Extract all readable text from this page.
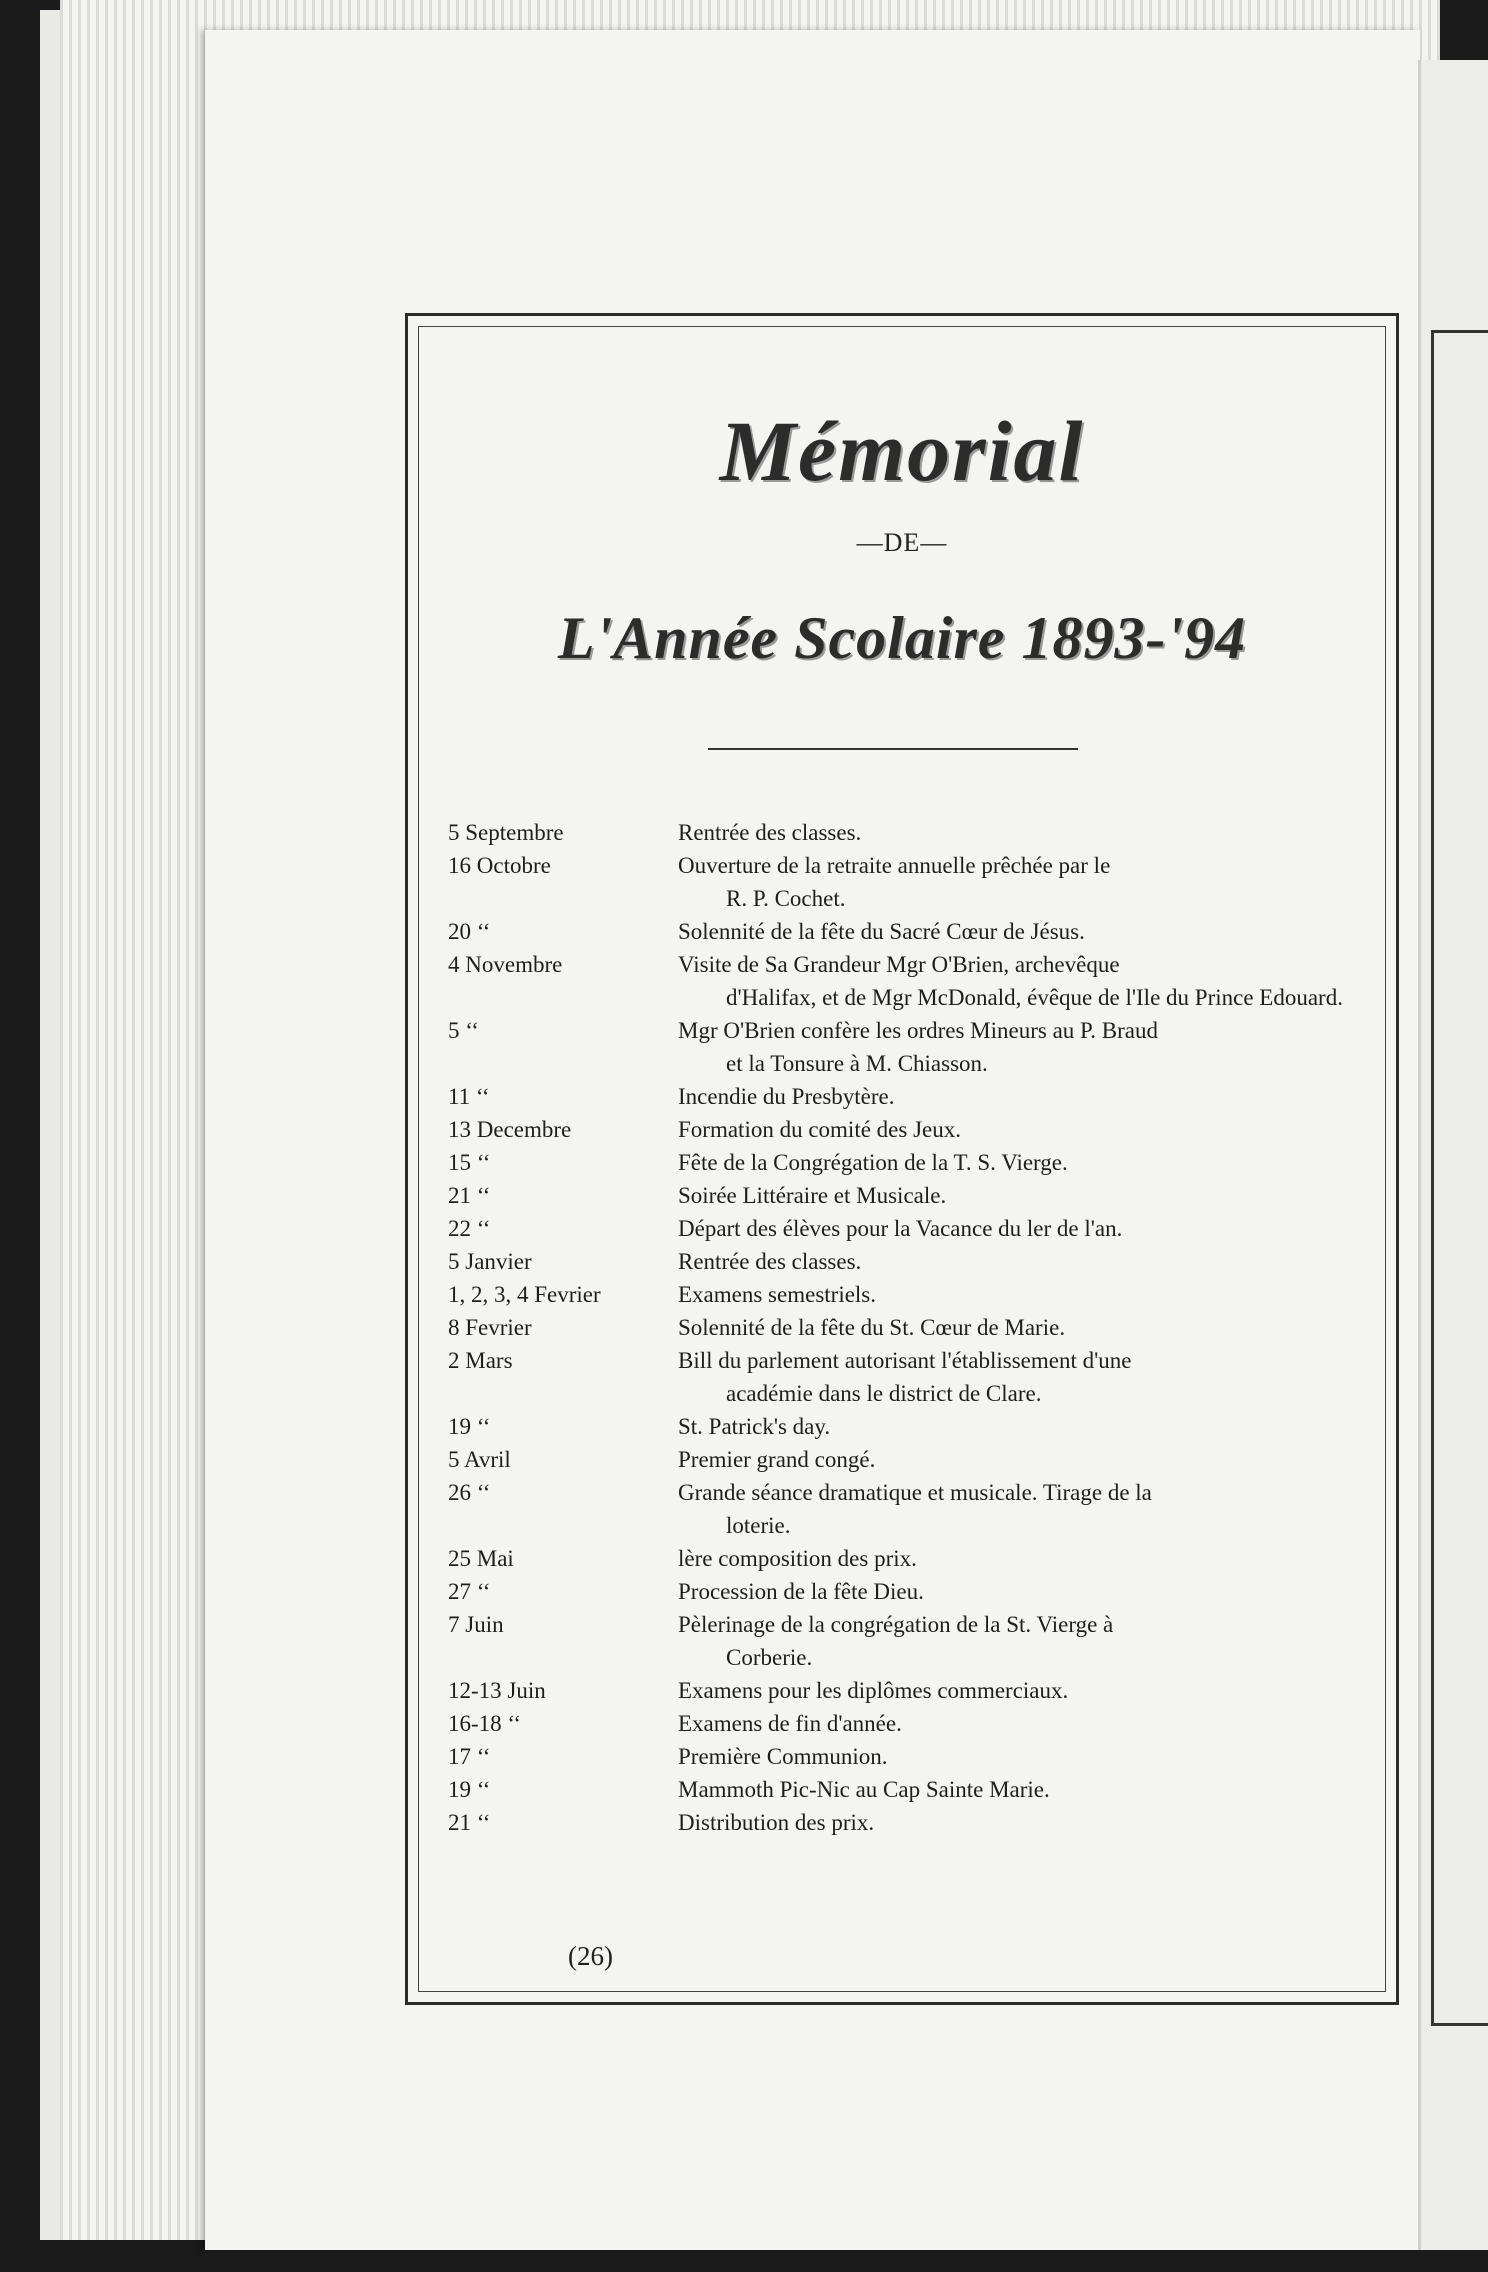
Mémorial
—DE—
L'Année Scolaire 1893-'94
5 Septembre	Rentrée des classes.
16 Octobre	Ouverture de la retraite annuelle prêchée par le
R. P. Cochet.
20 ‘‘	Solennité de la fête du Sacré Cœur de Jésus.
4 Novembre	Visite de Sa Grandeur Mgr O'Brien, archevêque
d'Halifax, et de Mgr McDonald, évêque de l'Ile du Prince Edouard.
5 ‘‘	Mgr O'Brien confère les ordres Mineurs au P. Braud
et la Tonsure à M. Chiasson.
11 ‘‘	Incendie du Presbytère.
13 Decembre	Formation du comité des Jeux.
15 ‘‘	Fête de la Congrégation de la T. S. Vierge.
21 ‘‘	Soirée Littéraire et Musicale.
22 ‘‘	Départ des élèves pour la Vacance du ler de l'an.
5 Janvier	Rentrée des classes.
1, 2, 3, 4 Fevrier	Examens semestriels.
8 Fevrier	Solennité de la fête du St. Cœur de Marie.
2 Mars	Bill du parlement autorisant l'établissement d'une
académie dans le district de Clare.
19 ‘‘	St. Patrick's day.
5 Avril	Premier grand congé.
26 ‘‘	Grande séance dramatique et musicale. Tirage de la
loterie.
25 Mai	lère composition des prix.
27 ‘‘	Procession de la fête Dieu.
7 Juin	Pèlerinage de la congrégation de la St. Vierge à
Corberie.
12-13 Juin	Examens pour les diplômes commerciaux.
16-18 ‘‘	Examens de fin d'année.
17 ‘‘	Première Communion.
19 ‘‘	Mammoth Pic-Nic au Cap Sainte Marie.
21 ‘‘	Distribution des prix.
(26)
